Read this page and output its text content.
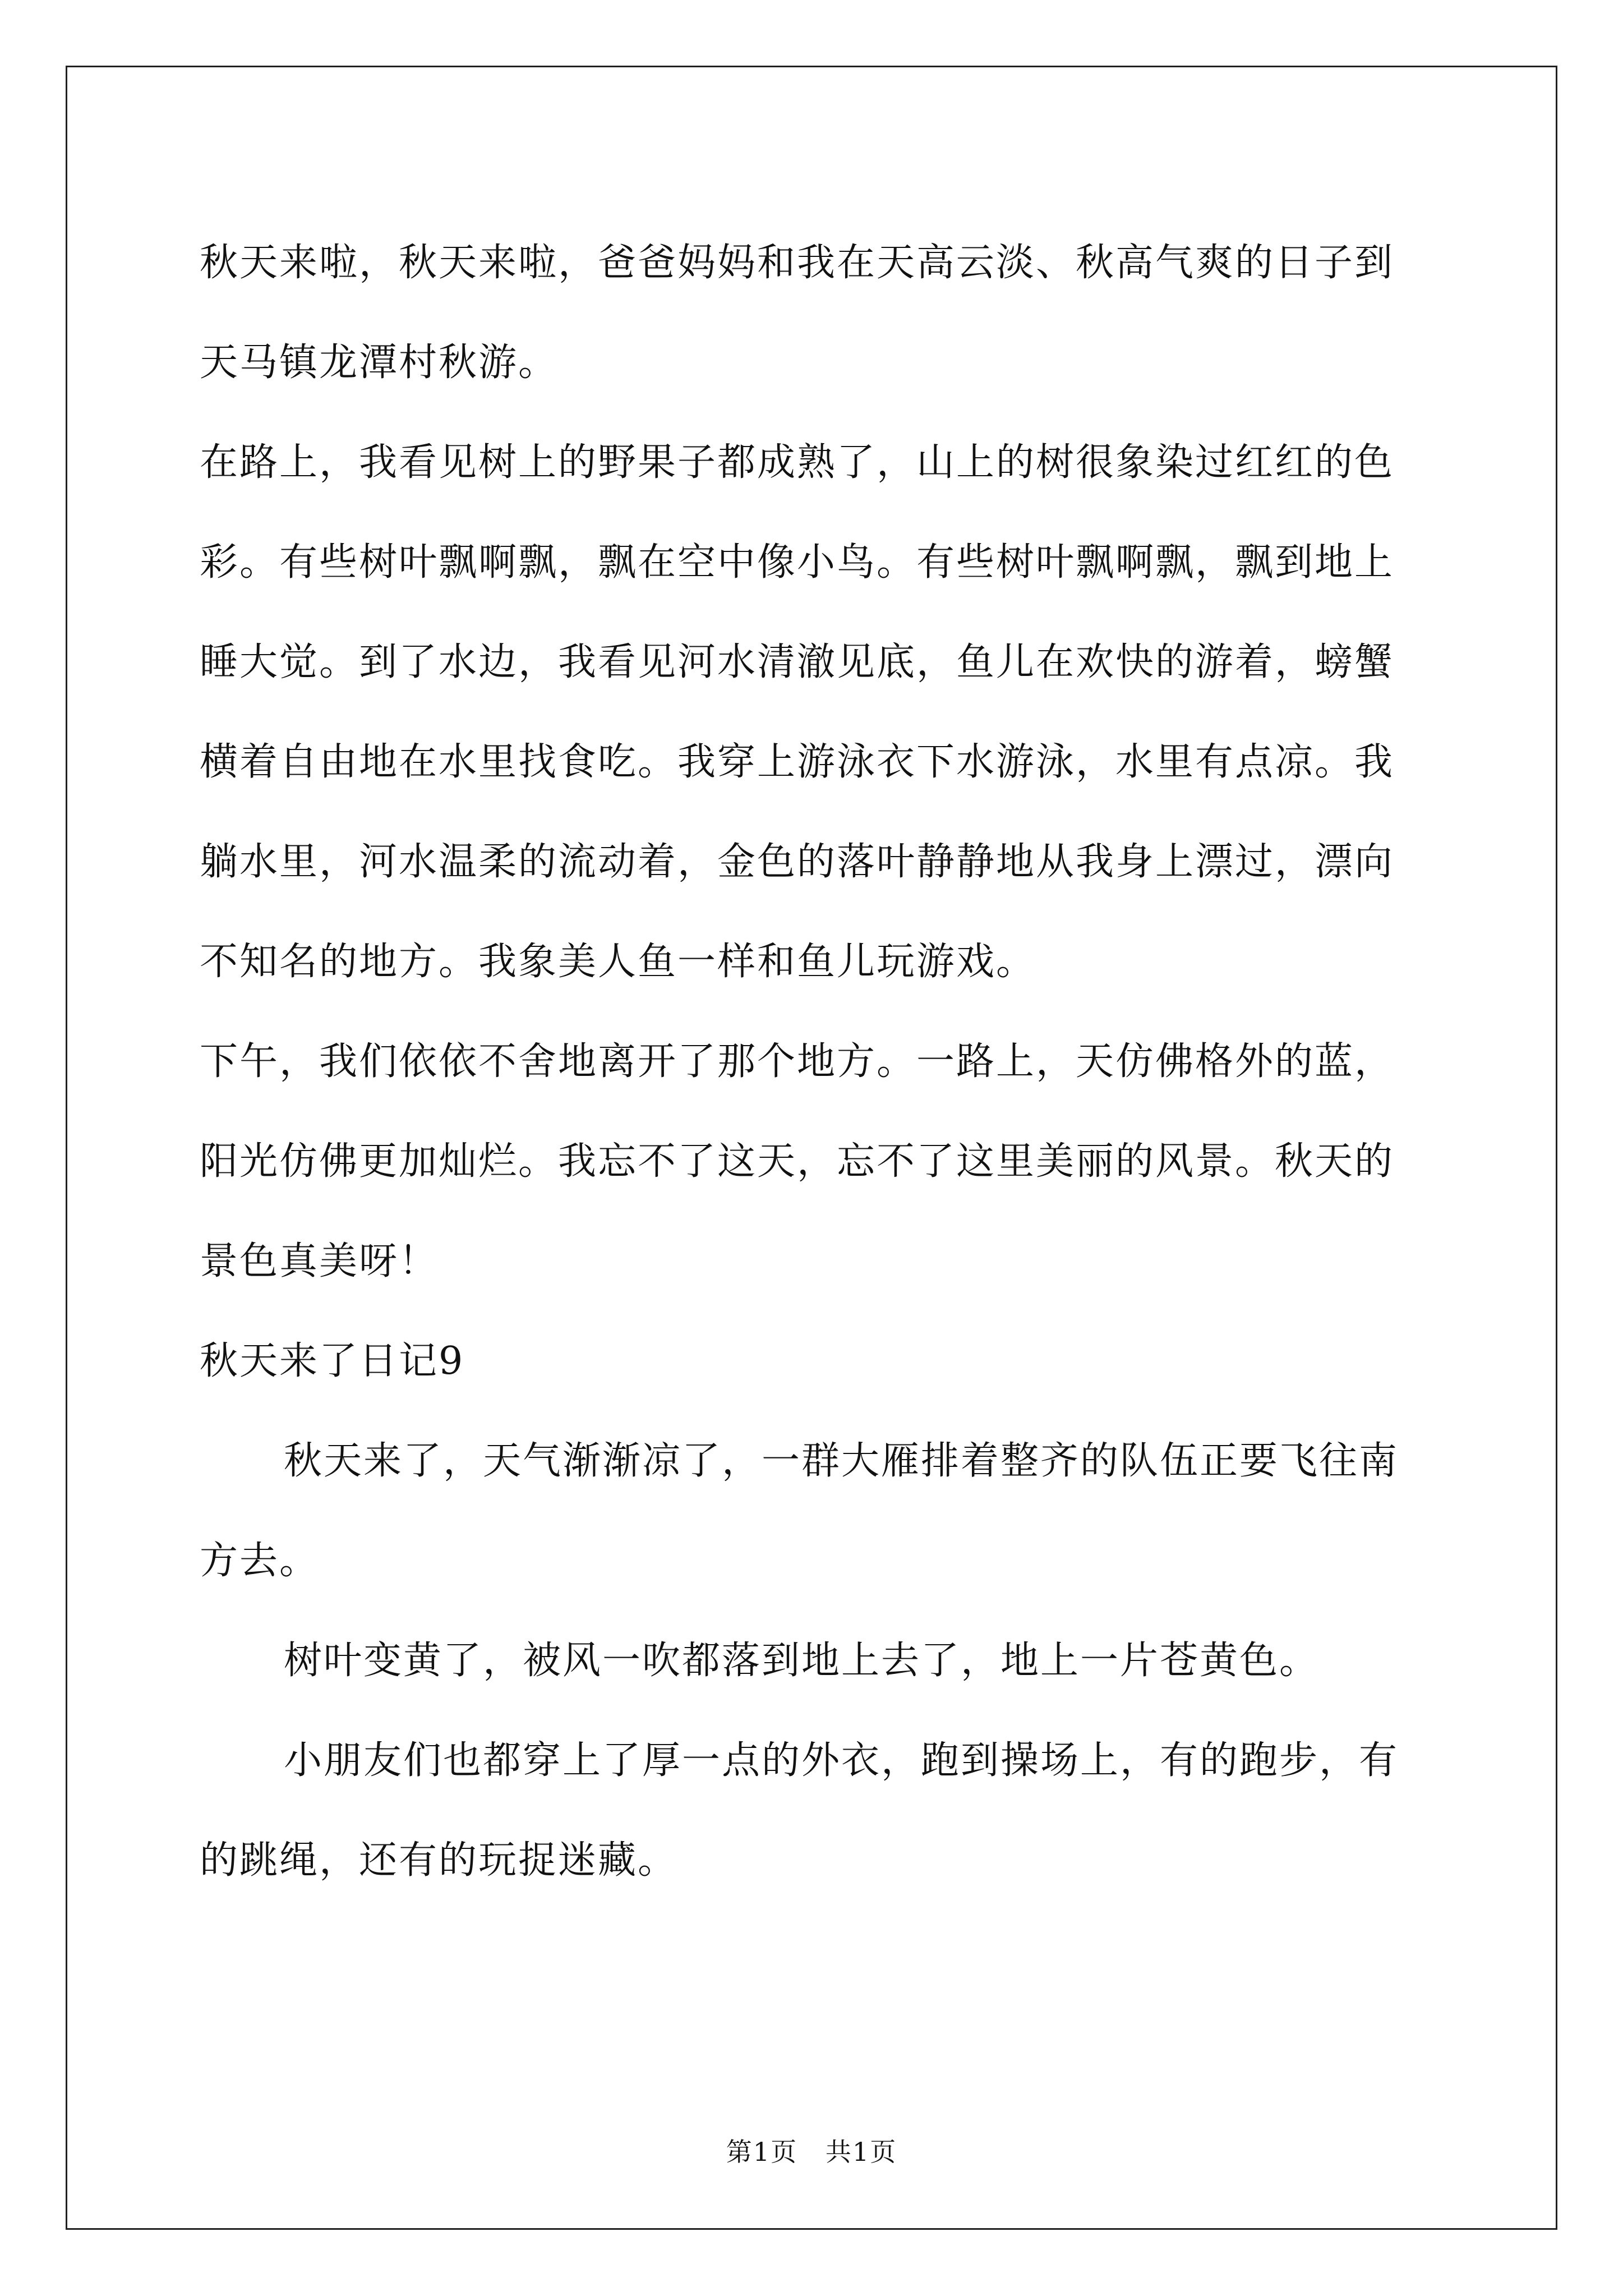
秋天来啦，秋天来啦，爸爸妈妈和我在天高云淡、秋高气爽的日子到天马镇龙潭村秋游。

在路上，我看见树上的野果子都成熟了，山上的树很象染过红红的色彩。有些树叶飘啊飘，飘在空中像小鸟。有些树叶飘啊飘，飘到地上睡大觉。到了水边，我看见河水清澈见底，鱼儿在欢快的游着，螃蟹横着自由地在水里找食吃。我穿上游泳衣下水游泳，水里有点凉。我躺水里，河水温柔的流动着，金色的落叶静静地从我身上漂过，漂向不知名的地方。我象美人鱼一样和鱼儿玩游戏。

下午，我们依依不舍地离开了那个地方。一路上，天仿佛格外的蓝，阳光仿佛更加灿烂。我忘不了这天，忘不了这里美丽的风景。秋天的景色真美呀！

秋天来了日记9

秋天来了，天气渐渐凉了，一群大雁排着整齐的队伍正要飞往南方去。

树叶变黄了，被风一吹都落到地上去了，地上一片苍黄色。

小朋友们也都穿上了厚一点的外衣，跑到操场上，有的跑步，有的跳绳，还有的玩捉迷藏。

第1页   共1页
